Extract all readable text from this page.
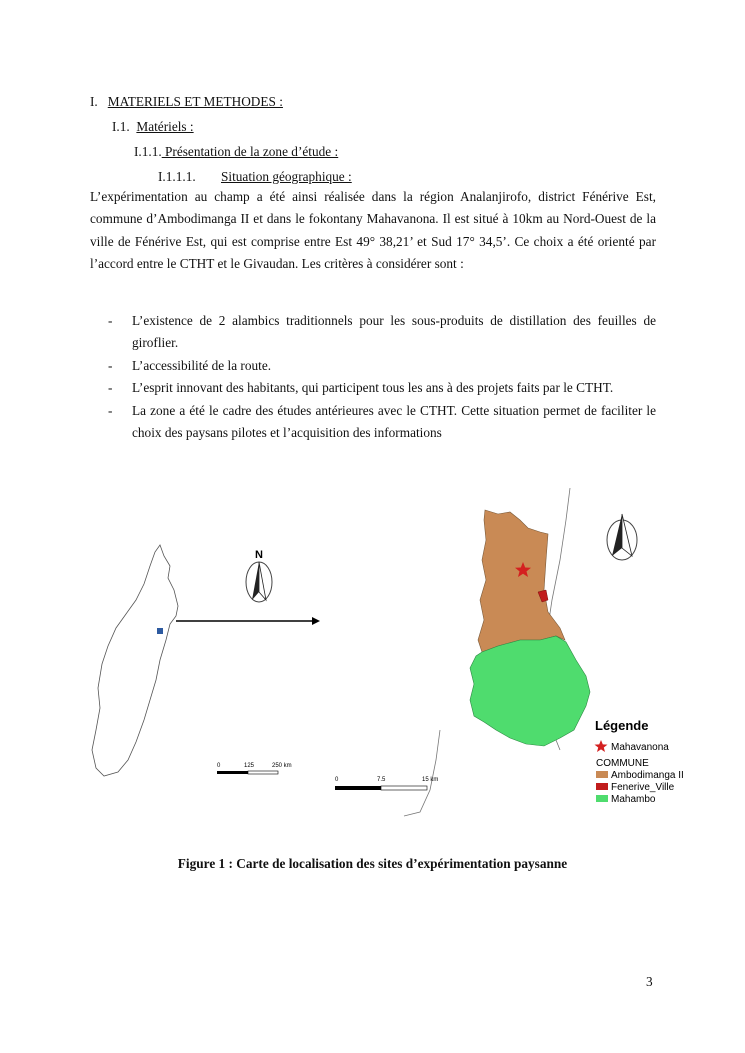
I. MATERIELS ET METHODES :
I.1. Matériels :
I.1.1. Présentation de la zone d’étude :
I.1.1.1. Situation géographique :

L’expérimentation au champ a été ainsi réalisée dans la région Analanjirofo, district Fénérive Est, commune d’Ambodimanga II et dans le fokontany Mahavanona. Il est situé à 10km au Nord-Ouest de la ville de Fénérive Est, qui est comprise entre Est 49° 38,21’ et Sud 17° 34,5’. Ce choix a été orienté par l’accord entre le CTHT et le Givaudan. Les critères à considérer sont :

- L’existence de 2 alambics traditionnels pour les sous-produits de distillation des feuilles de giroflier.
- L’accessibilité de la route.
- L’esprit innovant des habitants, qui participent tous les ans à des projets faits par le CTHT.
- La zone a été le cadre des études antérieures avec le CTHT. Cette situation permet de faciliter le choix des paysans pilotes et l’acquisition des informations
N
0	125	250 km
0	7.5	15 km
Légende
Mahavanona
COMMUNE
Ambodimanga II
Fenerive_Ville
Mahambo
Figure 1 : Carte de localisation des sites d’expérimentation paysanne
3
